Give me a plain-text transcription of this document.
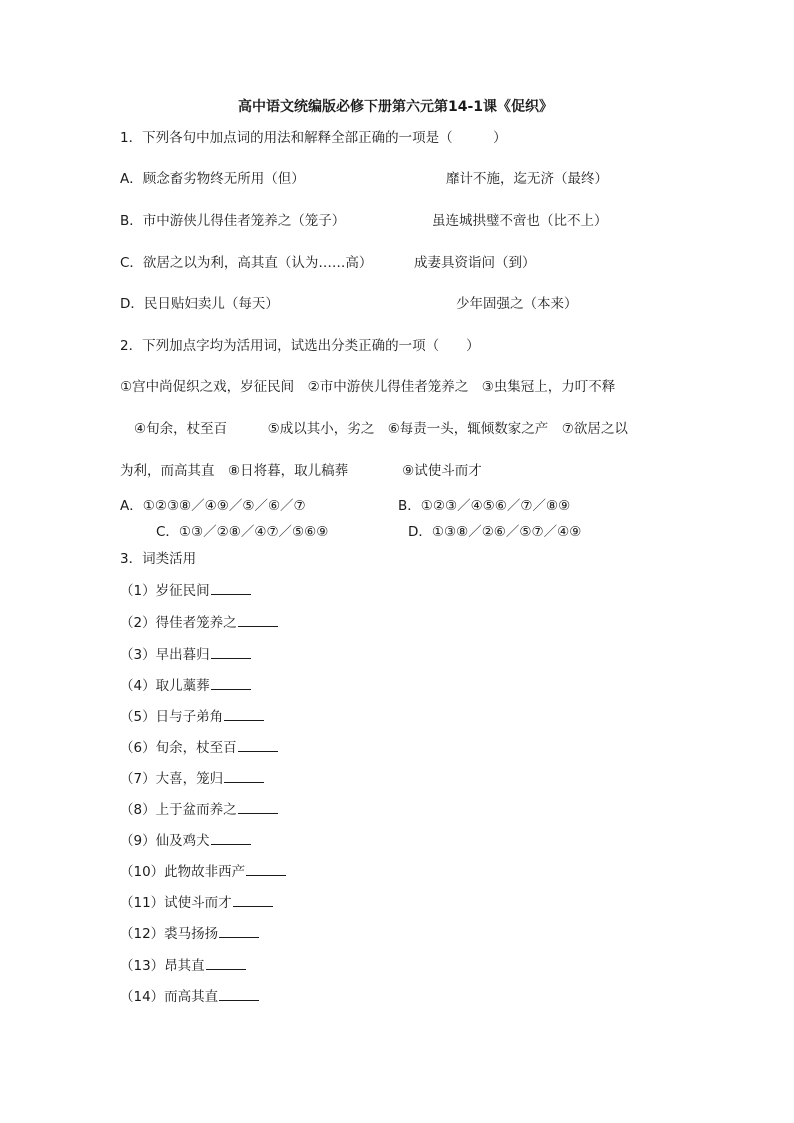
高中语文统编版必修下册第六元第14-1课《促织》
1．下列各句中加点词的用法和解释全部正确的一项是（　　　）
A．顾念畜劣物终无所用（但）	靡计不施，迄无济（最终）
B．市中游侠儿得佳者笼养之（笼子）	虽连城拱璧不啻也（比不上）
C．欲居之以为利，高其直（认为……高）	成妻具资诣问（到）
D．民日贴妇卖儿（每天）	少年固强之（本来）
2．下列加点字均为活用词，试选出分类正确的一项（　　）
①宫中尚促织之戏，岁征民间　②市中游侠儿得佳者笼养之　③虫集冠上，力叮不释
④旬余，杖至百　　　⑤成以其小，劣之　⑥每责一头，辄倾数家之产　⑦欲居之以
为利，而高其直　⑧日将暮，取儿稿葬　　　　⑨试使斗而才
A．①②③⑧／④⑨／⑤／⑥／⑦	B．①②③／④⑤⑥／⑦／⑧⑨
C．①③／②⑧／④⑦／⑤⑥⑨	D．①③⑧／②⑥／⑤⑦／④⑨
3．词类活用
（1）岁征民间
（2）得佳者笼养之
（3）早出暮归
（4）取儿藁葬
（5）日与子弟角
（6）旬余，杖至百
（7）大喜，笼归
（8）上于盆而养之
（9）仙及鸡犬
（10）此物故非西产
（11）试使斗而才
（12）裘马扬扬
（13）昂其直
（14）而高其直
